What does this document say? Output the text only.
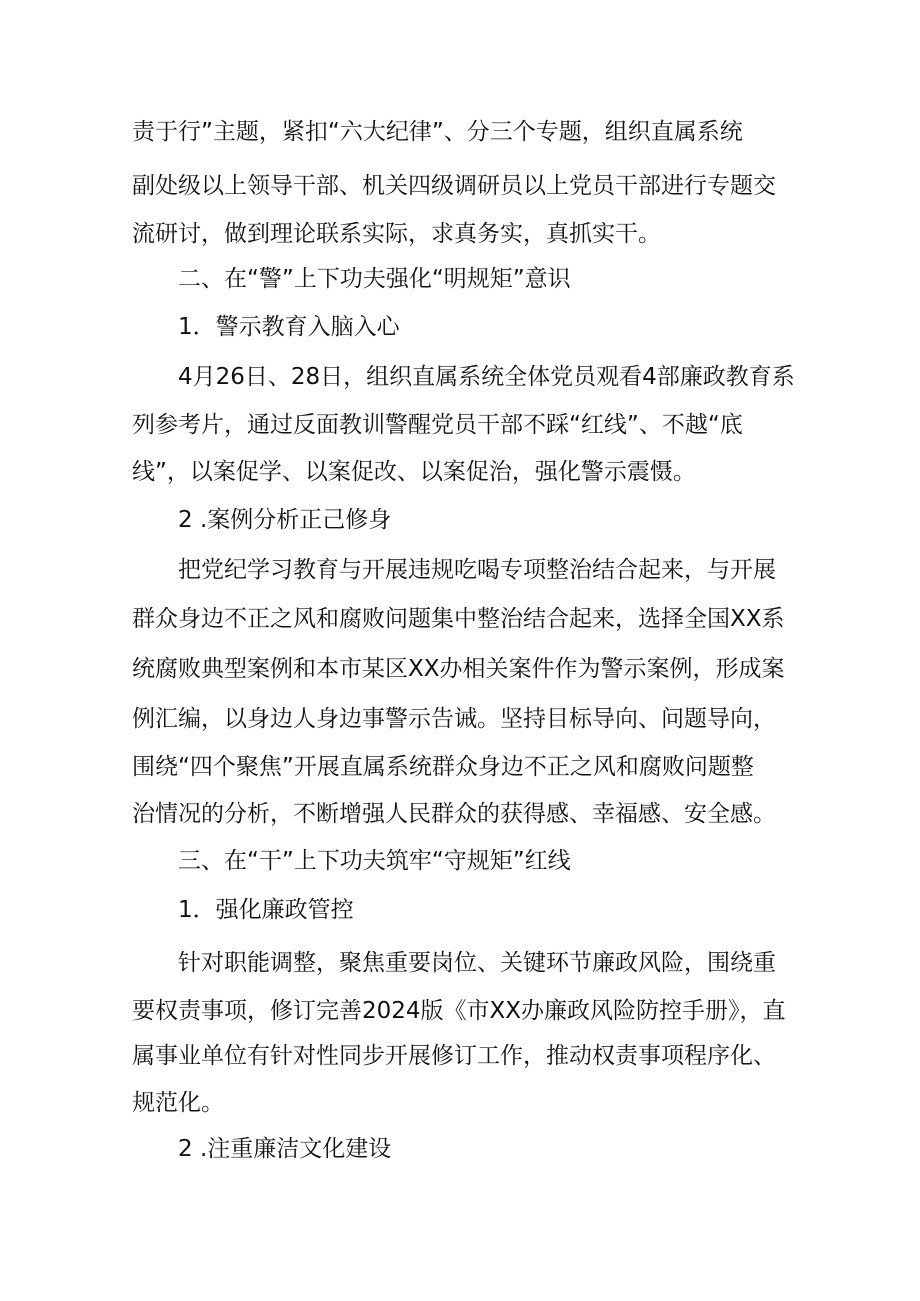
责于行”主题，紧扣“六大纪律”、分三个专题，组织直属系统
副处级以上领导干部、机关四级调研员以上党员干部进行专题交
流研讨，做到理论联系实际，求真务实，真抓实干。
二、在“警”上下功夫强化“明规矩”意识
1．警示教育入脑入心
4月26日、28日，组织直属系统全体党员观看4部廉政教育系
列参考片，通过反面教训警醒党员干部不踩“红线”、不越“底
线”，以案促学、以案促改、以案促治，强化警示震慑。
2 .案例分析正己修身
把党纪学习教育与开展违规吃喝专项整治结合起来，与开展
群众身边不正之风和腐败问题集中整治结合起来，选择全国XX系
统腐败典型案例和本市某区XX办相关案件作为警示案例，形成案
例汇编，以身边人身边事警示告诫。坚持目标导向、问题导向，
围绕“四个聚焦”开展直属系统群众身边不正之风和腐败问题整
治情况的分析，不断增强人民群众的获得感、幸福感、安全感。
三、在“干”上下功夫筑牢“守规矩”红线
1．强化廉政管控
针对职能调整，聚焦重要岗位、关键环节廉政风险，围绕重
要权责事项，修订完善2024版《市XX办廉政风险防控手册》，直
属事业单位有针对性同步开展修订工作，推动权责事项程序化、
规范化。
2 .注重廉洁文化建设
